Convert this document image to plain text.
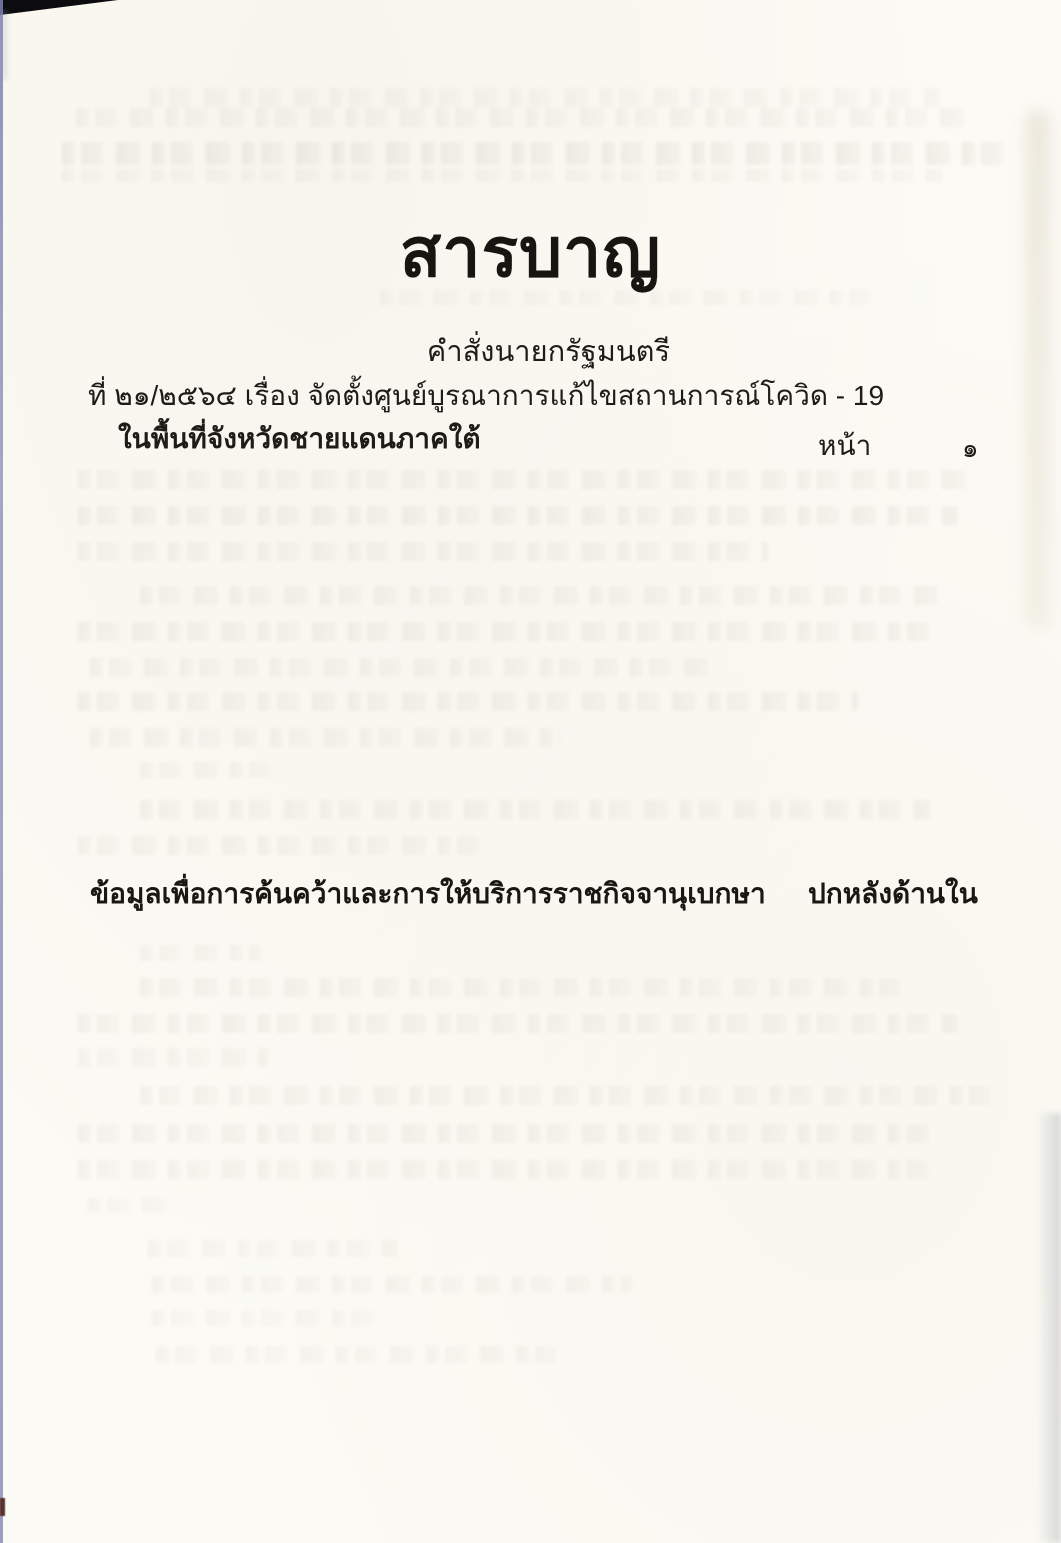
สารบาญ
คำสั่งนายกรัฐมนตรี
ที่ ๒๑/๒๕๖๔ เรื่อง จัดตั้งศูนย์บูรณาการแก้ไขสถานการณ์โควิด - 19
ในพื้นที่จังหวัดชายแดนภาคใต้	หน้า	๑
ข้อมูลเพื่อการค้นคว้าและการให้บริการราชกิจจานุเบกษา ปกหลังด้านใน
